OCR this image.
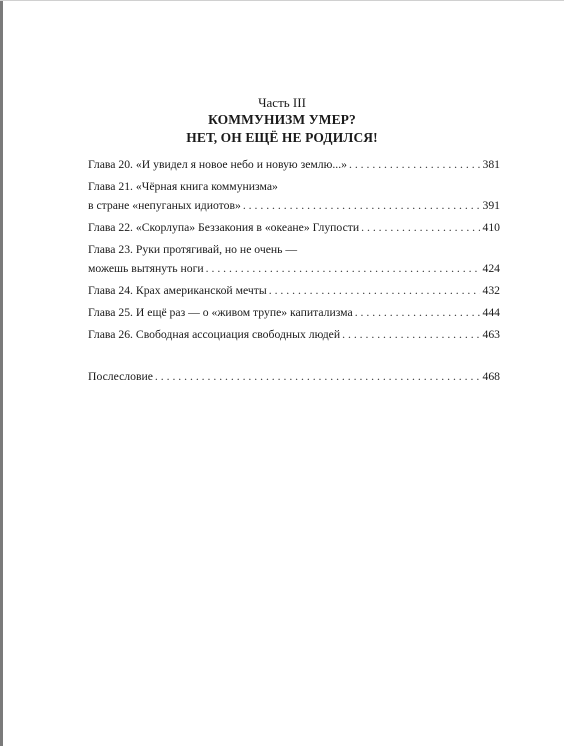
Часть III
КОММУНИЗМ УМЕР?
НЕТ, ОН ЕЩЁ НЕ РОДИЛСЯ!
Глава 20. «И увидел я новое небо и новую землю...» . . .	381
Глава 21. «Чёрная книга коммунизма»
в стране «непуганых идиотов» . . .	391
Глава 22. «Скорлупа» Беззакония в «океане» Глупости . . .	410
Глава 23. Руки протягивай, но не очень —
можешь вытянуть ноги . . .	424
Глава 24. Крах американской мечты . . .	432
Глава 25. И ещё раз — о «живом трупе» капитализма . . .	444
Глава 26. Свободная ассоциация свободных людей . . .	463
Послесловие . . .	468
